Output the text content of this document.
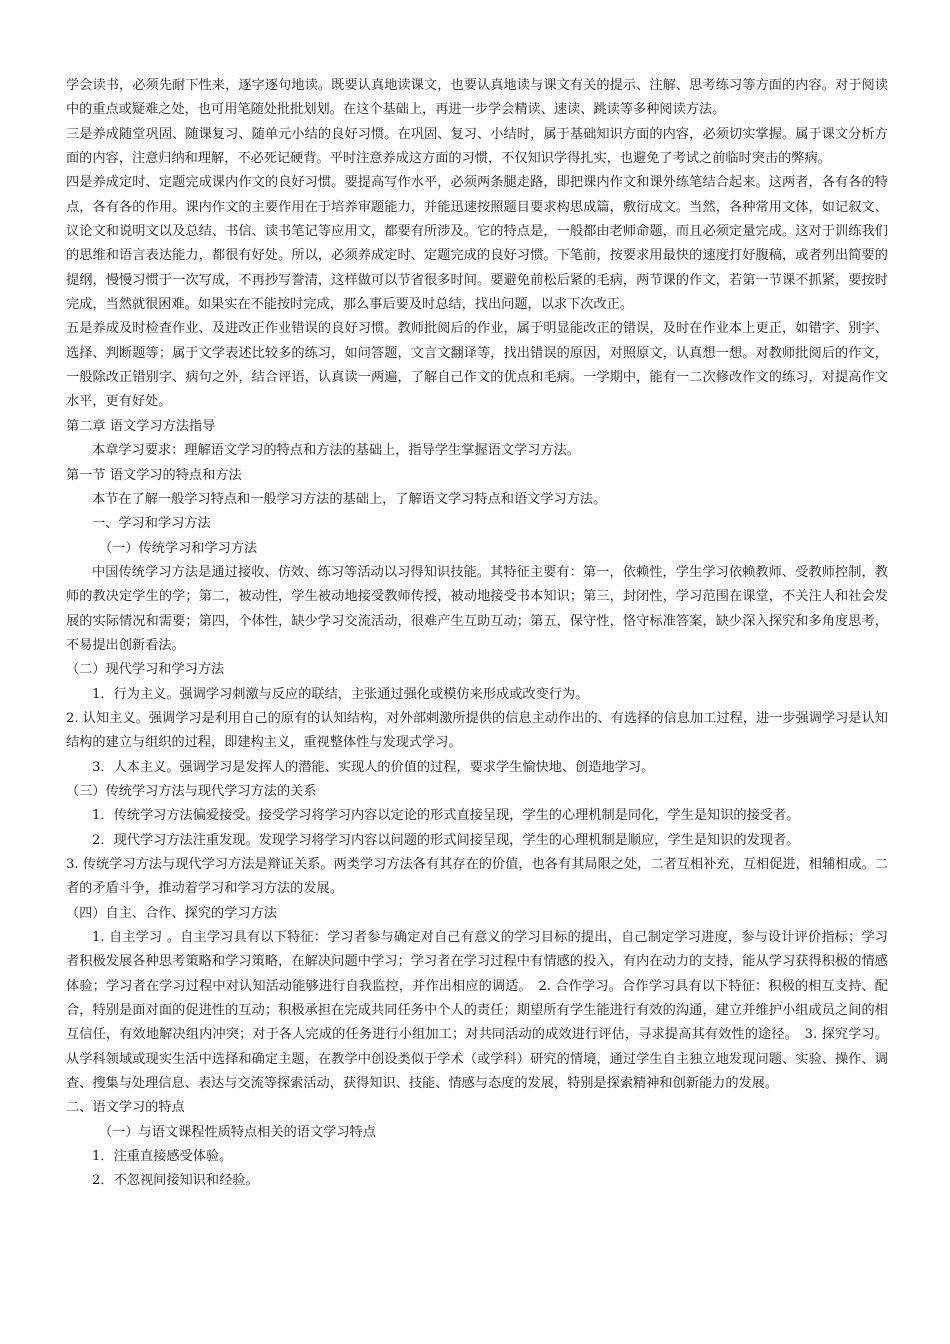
学会读书，必须先耐下性来，逐字逐句地读。既要认真地读课文，也要认真地读与课文有关的提示、注解、思考练习等方面的内容。对于阅读中的重点或疑难之处，也可用笔随处批批划划。在这个基础上，再进一步学会精读、速读、跳读等多种阅读方法。

三是养成随堂巩固、随课复习、随单元小结的良好习惯。在巩固、复习、小结时，属于基础知识方面的内容，必须切实掌握。属于课文分析方面的内容，注意归纳和理解，不必死记硬背。平时注意养成这方面的习惯，不仅知识学得扎实，也避免了考试之前临时突击的弊病。

四是养成定时、定题完成课内作文的良好习惯。要提高写作水平，必须两条腿走路，即把课内作文和课外练笔结合起来。这两者，各有各的特点，各有各的作用。课内作文的主要作用在于培养审题能力，并能迅速按照题目要求构思成篇，敷衍成文。当然，各种常用文体，如记叙文、议论文和说明文以及总结、书信、读书笔记等应用文，都要有所涉及。它的特点是，一般都由老师命题，而且必须定量完成。这对于训练我们的思维和语言表达能力，都很有好处。所以，必须养成定时、定题完成的良好习惯。下笔前，按要求用最快的速度打好腹稿，或者列出简要的提纲，慢慢习惯于一次写成，不再抄写誊清，这样做可以节省很多时间。要避免前松后紧的毛病，两节课的作文，若第一节课不抓紧，要按时完成，当然就很困难。如果实在不能按时完成，那么事后要及时总结，找出问题，以求下次改正。

五是养成及时检查作业、及进改正作业错误的良好习惯。教师批阅后的作业，属于明显能改正的错误，及时在作业本上更正，如错字、别字、选择、判断题等；属于文学表述比较多的练习，如问答题，文言文翻译等，找出错误的原因，对照原文，认真想一想。对教师批阅后的作文，一般除改正错别字、病句之外，结合评语，认真读一两遍，了解自己作文的优点和毛病。一学期中，能有一二次修改作文的练习，对提高作文水平，更有好处。

第二章 语文学习方法指导

本章学习要求：理解语文学习的特点和方法的基础上，指导学生掌握语文学习方法。

第一节 语文学习的特点和方法

本节在了解一般学习特点和一般学习方法的基础上，了解语文学习特点和语文学习方法。

一、学习和学习方法

（一）传统学习和学习方法

中国传统学习方法是通过接收、仿效、练习等活动以习得知识技能。其特征主要有：第一，依赖性，学生学习依赖教师、受教师控制，教师的教决定学生的学；第二，被动性，学生被动地接受教师传授，被动地接受书本知识；第三，封闭性，学习范围在课堂，不关注人和社会发展的实际情况和需要；第四，个体性，缺少学习交流活动，很难产生互助互动；第五，保守性，恪守标准答案，缺少深入探究和多角度思考，不易提出创新看法。

（二）现代学习和学习方法

1．行为主义。强调学习刺激与反应的联结，主张通过强化或模仿来形成或改变行为。

2. 认知主义。强调学习是利用自己的原有的认知结构，对外部刺激所提供的信息主动作出的、有选择的信息加工过程，进一步强调学习是认知结构的建立与组织的过程，即建构主义，重视整体性与发现式学习。

3．人本主义。强调学习是发挥人的潜能、实现人的价值的过程，要求学生愉快地、创造地学习。

（三）传统学习方法与现代学习方法的关系

1．传统学习方法偏爱接受。接受学习将学习内容以定论的形式直接呈现，学生的心理机制是同化，学生是知识的接受者。

2．现代学习方法注重发现。发现学习将学习内容以问题的形式间接呈现，学生的心理机制是顺应，学生是知识的发现者。

3. 传统学习方法与现代学习方法是辩证关系。两类学习方法各有其存在的价值，也各有其局限之处，二者互相补充，互相促进，相辅相成。二者的矛盾斗争，推动着学习和学习方法的发展。

（四）自主、合作、探究的学习方法

1. 自主学习 。自主学习具有以下特征：学习者参与确定对自己有意义的学习目标的提出，自己制定学习进度，参与设计评价指标；学习者积极发展各种思考策略和学习策略，在解决问题中学习；学习者在学习过程中有情感的投入，有内在动力的支持，能从学习获得积极的情感体验；学习者在学习过程中对认知活动能够进行自我监控，并作出相应的调适。　2. 合作学习。合作学习具有以下特征：积极的相互支持、配合，特别是面对面的促进性的互动；积极承担在完成共同任务中个人的责任；期望所有学生能进行有效的沟通，建立并维护小组成员之间的相互信任，有效地解决组内冲突；对于各人完成的任务进行小组加工；对共同活动的成效进行评估，寻求提高其有效性的途径。　3. 探究学习。从学科领域或现实生活中选择和确定主题，在教学中创设类似于学术（或学科）研究的情境，通过学生自主独立地发现问题、实验、操作、调查、搜集与处理信息、表达与交流等探索活动，获得知识、技能、情感与态度的发展，特别是探索精神和创新能力的发展。

二、语文学习的特点

（一）与语文课程性质特点相关的语文学习特点

1．注重直接感受体验。

2．不忽视间接知识和经验。
